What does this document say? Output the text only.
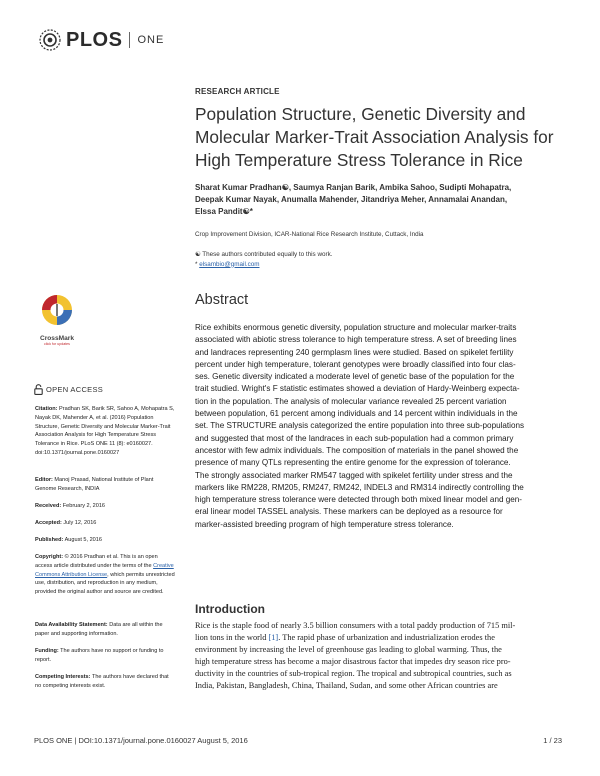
PLOS ONE
RESEARCH ARTICLE
Population Structure, Genetic Diversity and Molecular Marker-Trait Association Analysis for High Temperature Stress Tolerance in Rice
Sharat Kumar Pradhan☯, Saumya Ranjan Barik, Ambika Sahoo, Sudipti Mohapatra,
Deepak Kumar Nayak, Anumalla Mahender, Jitandriya Meher, Annamalai Anandan,
Elssa Pandit☯*
Crop Improvement Division, ICAR-National Rice Research Institute, Cuttack, India
☯ These authors contributed equally to this work.
* elsambio@gmail.com
Abstract
Rice exhibits enormous genetic diversity, population structure and molecular marker-traits
associated with abiotic stress tolerance to high temperature stress. A set of breeding lines
and landraces representing 240 germplasm lines were studied. Based on spikelet fertility
percent under high temperature, tolerant genotypes were broadly classified into four clas-
ses. Genetic diversity indicated a moderate level of genetic base of the population for the
trait studied. Wright's F statistic estimates showed a deviation of Hardy-Weinberg expecta-
tion in the population. The analysis of molecular variance revealed 25 percent variation
between population, 61 percent among individuals and 14 percent within individuals in the
set. The STRUCTURE analysis categorized the entire population into three sub-populations
and suggested that most of the landraces in each sub-population had a common primary
ancestor with few admix individuals. The composition of materials in the panel showed the
presence of many QTLs representing the entire genome for the expression of tolerance.
The strongly associated marker RM547 tagged with spikelet fertility under stress and the
markers like RM228, RM205, RM247, RM242, INDEL3 and RM314 indirectly controlling the
high temperature stress tolerance were detected through both mixed linear model and gen-
eral linear model TASSEL analysis. These markers can be deployed as a resource for
marker-assisted breeding program of high temperature stress tolerance.
Introduction
Rice is the staple food of nearly 3.5 billion consumers with a total paddy production of 715 mil-
lion tons in the world [1]. The rapid phase of urbanization and industrialization erodes the
environment by increasing the level of greenhouse gas leading to global warming. Thus, the
high temperature stress has become a major disastrous factor that impedes dry season rice pro-
ductivity in the countries of sub-tropical region. The tropical and subtropical countries, such as
India, Pakistan, Bangladesh, China, Thailand, Sudan, and some other African countries are
CrossMark
click for updates
OPEN ACCESS
Citation: Pradhan SK, Barik SR, Sahoo A, Mohapatra S, Nayak DK, Mahender A, et al. (2016) Population Structure, Genetic Diversity and Molecular Marker-Trait Association Analysis for High Temperature Stress Tolerance in Rice. PLoS ONE 11 (8): e0160027. doi:10.1371/journal.pone.0160027
Editor: Manoj Prasad, National Institute of Plant Genome Research, INDIA
Received: February 2, 2016
Accepted: July 12, 2016
Published: August 5, 2016
Copyright: © 2016 Pradhan et al. This is an open access article distributed under the terms of the Creative Commons Attribution License, which permits unrestricted use, distribution, and reproduction in any medium, provided the original author and source are credited.
Data Availability Statement: Data are all within the paper and supporting information.
Funding: The authors have no support or funding to report.
Competing Interests: The authors have declared that no competing interests exist.
PLOS ONE | DOI:10.1371/journal.pone.0160027 August 5, 2016	1 / 23
